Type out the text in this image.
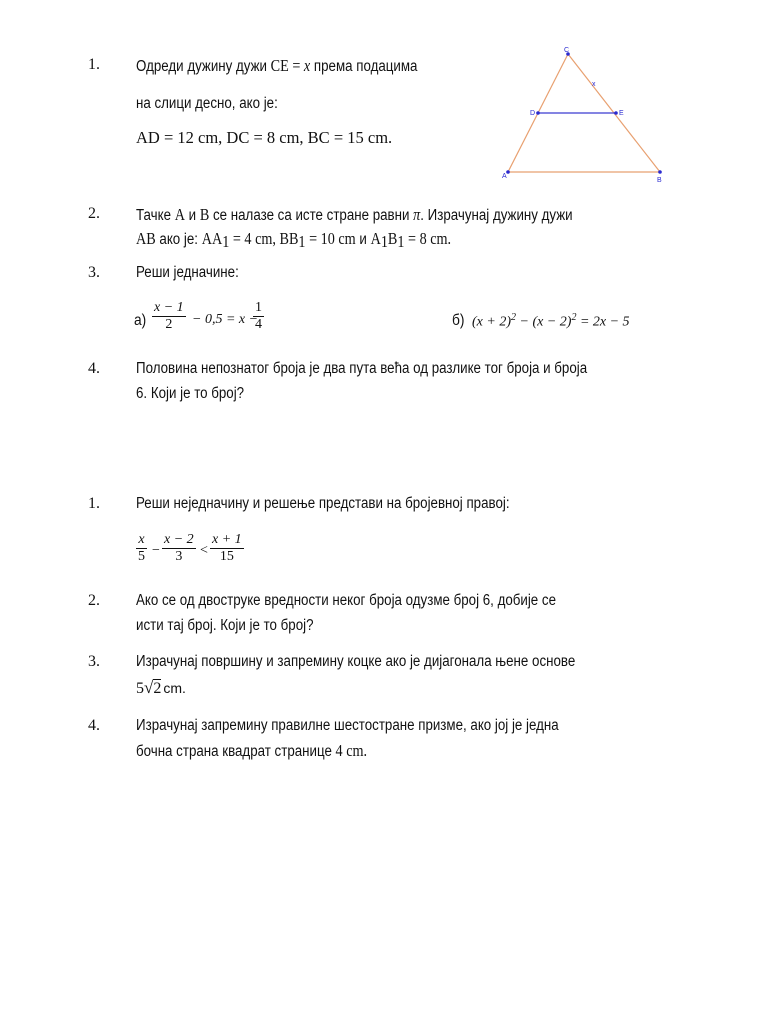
1. Одреди дужину дужи CE = x према подацима
на слици десно, ако је:
AD = 12 cm, DC = 8 cm, BC = 15 cm.
C
D	E
A
B
x
2. Тачке A и B се налазе са исте стране равни π. Израчунај дужину дужи
AB ако је: $AA_1 = 4$ cm, $BB_1 = 10$ cm и $A_1B_1 = 8$ cm.
3. Реши једначине:
$а) \frac{x - 1}{2} - 0,5 = x$ −
$\frac{1}{4}$	б) $(x + 2)^2 - (x - 2)^2 = 2x - 5$
4. Половина непознатог броја је два пута већа од разлике тог броја и броја
6. Који је то број?
1. Реши неједначину и решење представи на бројевној правој:
$\frac{x}{5} - \frac{x - 2}{3} < \frac{x + 1}{15}$
2. Ако се од двоструке вредности неког броја одузме број 6, добије се
исти тај број. Који је то број?
3. Израчунај површину и запремину коцке ако је дијагонала њене основе
5√2 cm.
4. Израчунај запремину правилне шестостране призме, ако јој је једна
бочна страна квадрат странице 4 cm.
